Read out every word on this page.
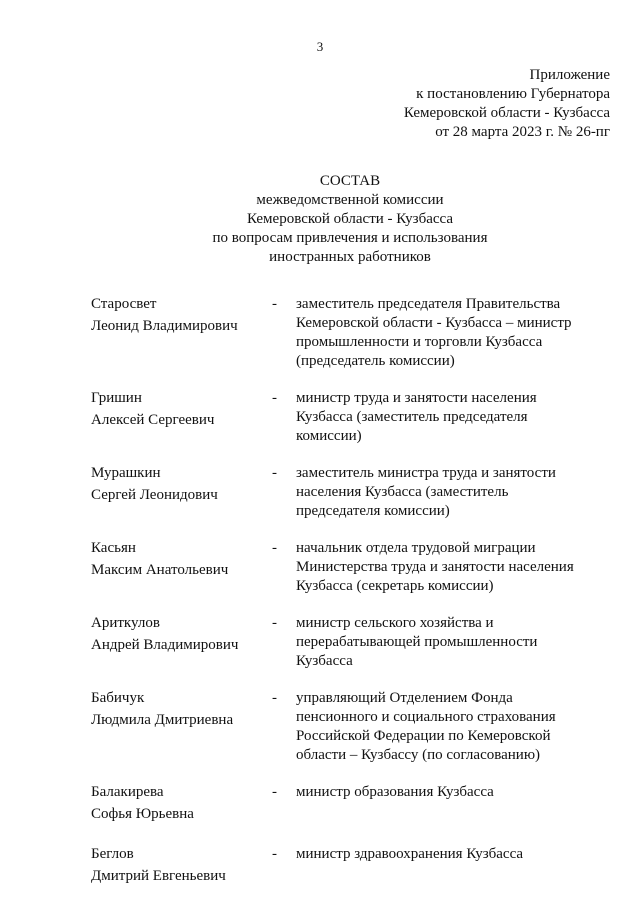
3
Приложение
к постановлению Губернатора
Кемеровской области - Кузбасса
от 28 марта 2023 г. № 26-пг
СОСТАВ
межведомственной комиссии
Кемеровской области - Кузбасса
по вопросам привлечения и использования
иностранных работников
Старосвет
Леонид Владимирович
- заместитель председателя Правительства
Кемеровской области - Кузбасса – министр
промышленности и торговли Кузбасса
(председатель комиссии)
Гришин
Алексей Сергеевич
- министр труда и занятости населения
Кузбасса (заместитель председателя
комиссии)
Мурашкин
Сергей Леонидович
- заместитель министра труда и занятости
населения Кузбасса (заместитель
председателя комиссии)
Касьян
Максим Анатольевич
- начальник отдела трудовой миграции
Министерства труда и занятости населения
Кузбасса (секретарь комиссии)
Ариткулов
Андрей Владимирович
- министр сельского хозяйства и
перерабатывающей промышленности
Кузбасса
Бабичук
Людмила Дмитриевна
- управляющий Отделением Фонда
пенсионного и социального страхования
Российской Федерации по Кемеровской
области – Кузбассу (по согласованию)
Балакирева
Софья Юрьевна
- министр образования Кузбасса
Беглов
Дмитрий Евгеньевич
- министр здравоохранения Кузбасса
